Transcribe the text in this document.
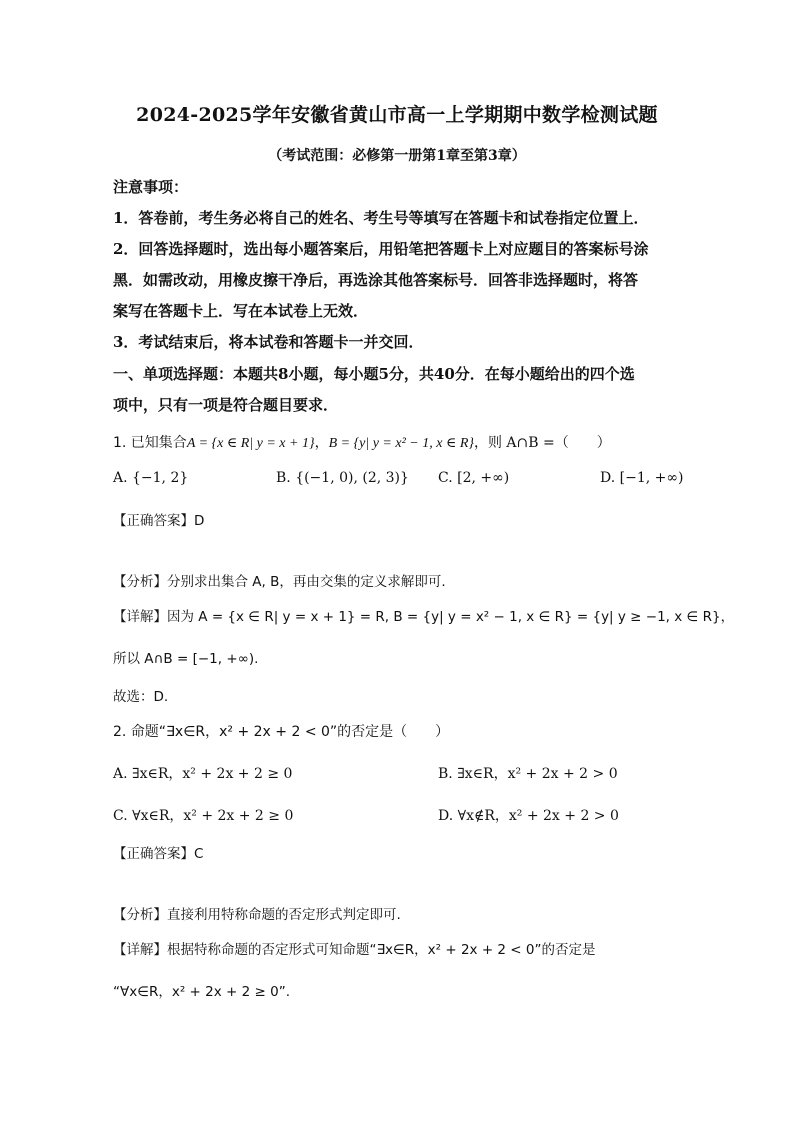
2024-2025学年安徽省黄山市高一上学期期中数学检测试题
（考试范围：必修第一册第1章至第3章）
注意事项：
1．答卷前，考生务必将自己的姓名、考生号等填写在答题卡和试卷指定位置上．
2．回答选择题时，选出每小题答案后，用铅笔把答题卡上对应题目的答案标号涂
黑．如需改动，用橡皮擦干净后，再选涂其他答案标号．回答非选择题时，将答
案写在答题卡上．写在本试卷上无效．
3．考试结束后，将本试卷和答题卡一并交回．
一、单项选择题：本题共8小题，每小题5分，共40分．在每小题给出的四个选
项中，只有一项是符合题目要求．
1. 已知集合A = {x ∈ R| y = x + 1}，B = {y| y = x² − 1, x ∈ R}，则 A∩B =（　　）
A. {−1, 2}	B. {(−1, 0), (2, 3)} C. [2, +∞)	D. [−1, +∞)
【正确答案】D
【分析】分别求出集合 A, B，再由交集的定义求解即可.
【详解】因为 A = {x ∈ R| y = x + 1} = R, B = {y| y = x² − 1, x ∈ R} = {y| y ≥ −1, x ∈ R}，
所以 A∩B = [−1, +∞).
故选：D.
2. 命题“∃x∈R，x² + 2x + 2 < 0”的否定是（　　）
A. ∃x∈R，x² + 2x + 2 ≥ 0	B. ∃x∈R，x² + 2x + 2 > 0
C. ∀x∈R，x² + 2x + 2 ≥ 0	D. ∀x∉R，x² + 2x + 2 > 0
【正确答案】C
【分析】直接利用特称命题的否定形式判定即可.
【详解】根据特称命题的否定形式可知命题“∃x∈R，x² + 2x + 2 < 0”的否定是
“∀x∈R，x² + 2x + 2 ≥ 0”.
